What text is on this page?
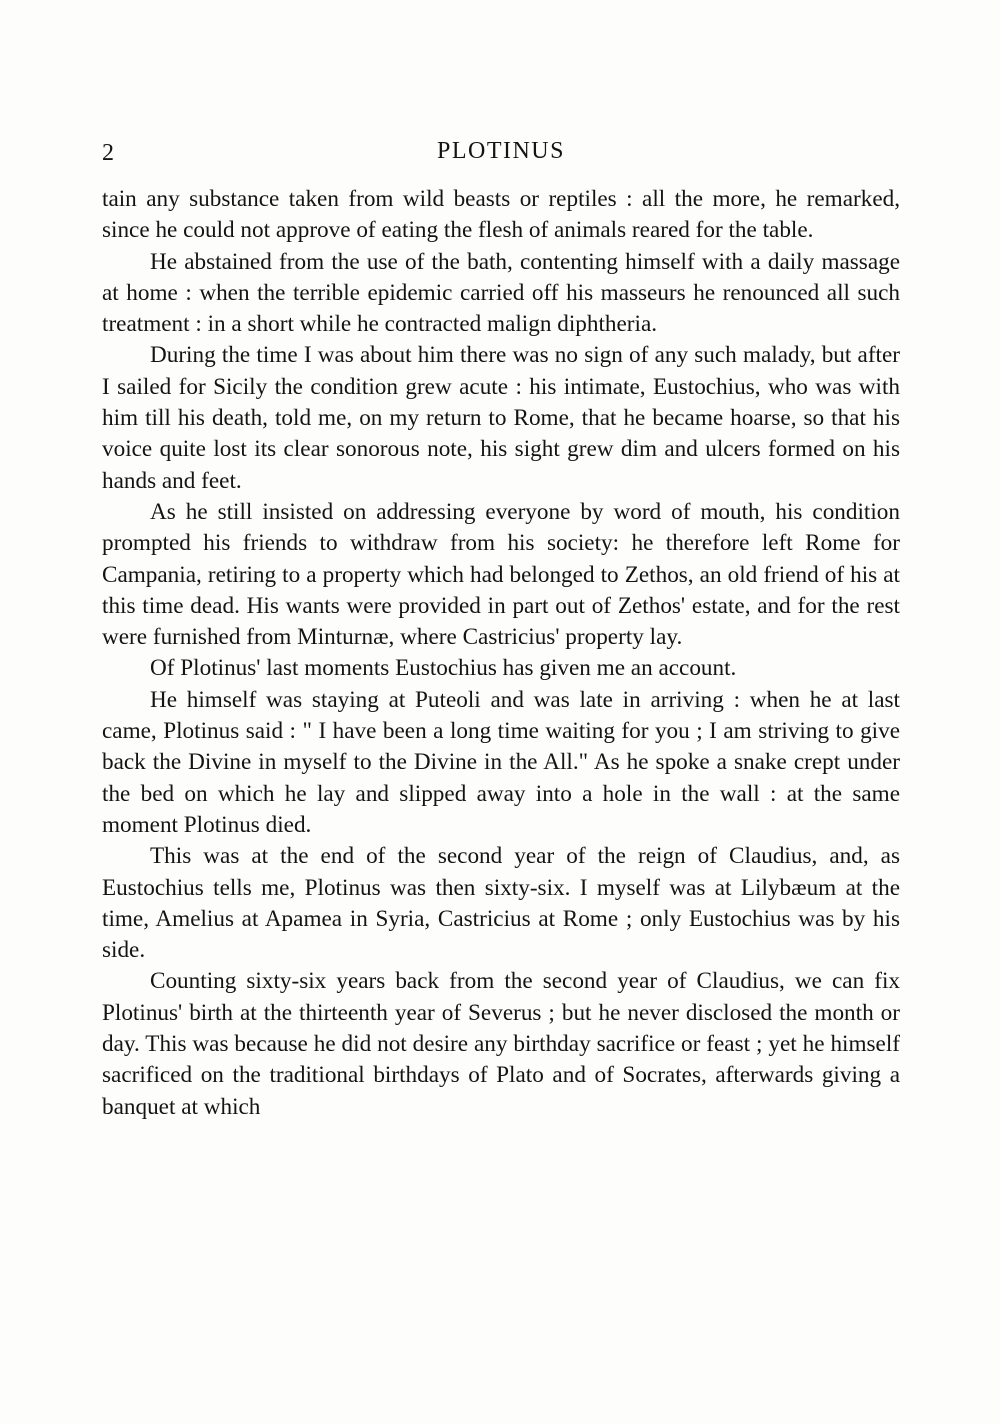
2	PLOTINUS

tain any substance taken from wild beasts or reptiles : all the more, he remarked, since he could not approve of eating the flesh of animals reared for the table.

He abstained from the use of the bath, contenting himself with a daily massage at home : when the terrible epidemic carried off his masseurs he renounced all such treatment : in a short while he contracted malign diphtheria.

During the time I was about him there was no sign of any such malady, but after I sailed for Sicily the condition grew acute : his intimate, Eustochius, who was with him till his death, told me, on my return to Rome, that he became hoarse, so that his voice quite lost its clear sonorous note, his sight grew dim and ulcers formed on his hands and feet.

As he still insisted on addressing everyone by word of mouth, his condition prompted his friends to withdraw from his society: he therefore left Rome for Campania, retiring to a property which had belonged to Zethos, an old friend of his at this time dead. His wants were provided in part out of Zethos' estate, and for the rest were furnished from Minturnæ, where Castricius' property lay.

Of Plotinus' last moments Eustochius has given me an account.

He himself was staying at Puteoli and was late in arriving : when he at last came, Plotinus said : " I have been a long time waiting for you ; I am striving to give back the Divine in myself to the Divine in the All." As he spoke a snake crept under the bed on which he lay and slipped away into a hole in the wall : at the same moment Plotinus died.

This was at the end of the second year of the reign of Claudius, and, as Eustochius tells me, Plotinus was then sixty-six. I myself was at Lilybæum at the time, Amelius at Apamea in Syria, Castricius at Rome ; only Eustochius was by his side.

Counting sixty-six years back from the second year of Claudius, we can fix Plotinus' birth at the thirteenth year of Severus ; but he never disclosed the month or day. This was because he did not desire any birthday sacrifice or feast ; yet he himself sacrificed on the traditional birthdays of Plato and of Socrates, afterwards giving a banquet at which
